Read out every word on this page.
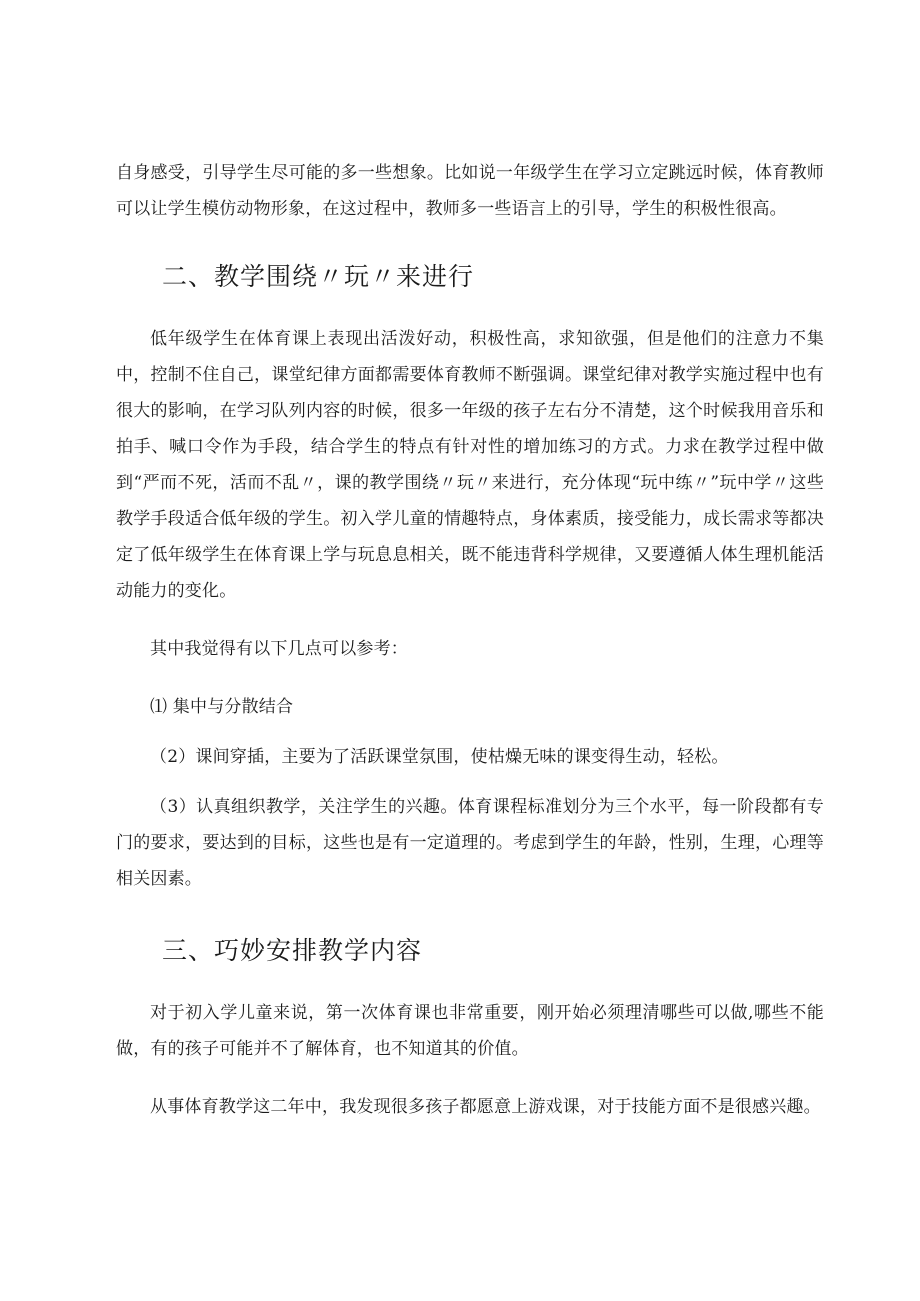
自身感受，引导学生尽可能的多一些想象。比如说一年级学生在学习立定跳远时候，体育教师可以让学生模仿动物形象，在这过程中，教师多一些语言上的引导，学生的积极性很高。

二、教学围绕〃玩〃来进行

低年级学生在体育课上表现出活泼好动，积极性高，求知欲强，但是他们的注意力不集中，控制不住自己，课堂纪律方面都需要体育教师不断强调。课堂纪律对教学实施过程中也有很大的影响，在学习队列内容的时候，很多一年级的孩子左右分不清楚，这个时候我用音乐和拍手、喊口令作为手段，结合学生的特点有针对性的增加练习的方式。力求在教学过程中做到“严而不死，活而不乱〃，课的教学围绕〃玩〃来进行，充分体现“玩中练〃”玩中学〃这些教学手段适合低年级的学生。初入学儿童的情趣特点，身体素质，接受能力，成长需求等都决定了低年级学生在体育课上学与玩息息相关，既不能违背科学规律，又要遵循人体生理机能活动能力的变化。

其中我觉得有以下几点可以参考：

⑴ 集中与分散结合

（2）课间穿插，主要为了活跃课堂氛围，使枯燥无味的课变得生动，轻松。

（3）认真组织教学，关注学生的兴趣。体育课程标准划分为三个水平，每一阶段都有专门的要求，要达到的目标，这些也是有一定道理的。考虑到学生的年龄，性别，生理，心理等相关因素。

三、巧妙安排教学内容

对于初入学儿童来说，第一次体育课也非常重要，刚开始必须理清哪些可以做,哪些不能做，有的孩子可能并不了解体育，也不知道其的价值。

从事体育教学这二年中，我发现很多孩子都愿意上游戏课，对于技能方面不是很感兴趣。
